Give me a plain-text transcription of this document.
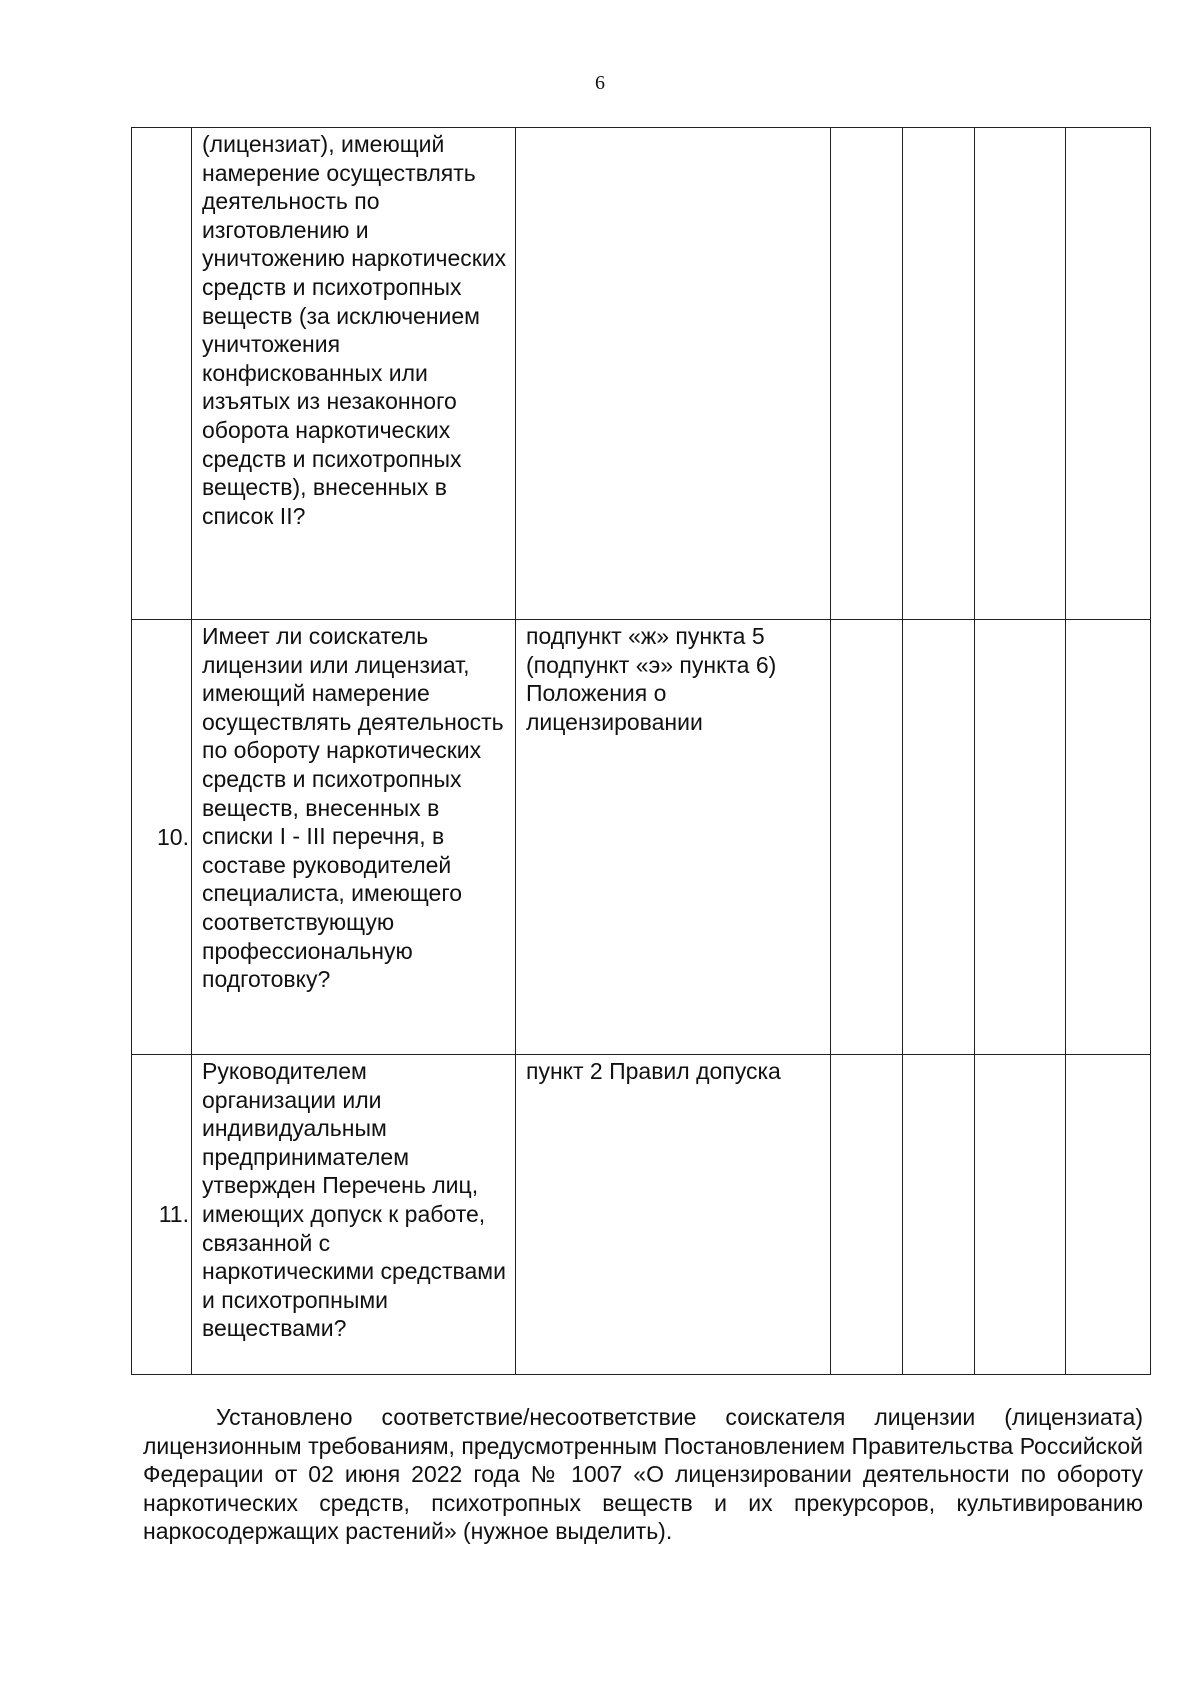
6
	(лицензиат), имеющий намерение осуществлять деятельность по изготовлению и уничтожению наркотических средств и психотропных веществ (за исключением уничтожения конфискованных или изъятых из незаконного оборота наркотических средств и психотропных веществ), внесенных в список II?					
10.	Имеет ли соискатель лицензии или лицензиат, имеющий намерение осуществлять деятельность по обороту наркотических средств и психотропных веществ, внесенных в списки I - III перечня, в составе руководителей специалиста, имеющего соответствующую профессиональную подготовку?	подпункт «ж» пункта 5 (подпункт «э» пункта 6) Положения о лицензировании				
11.	Руководителем организации или индивидуальным предпринимателем утвержден Перечень лиц, имеющих допуск к работе, связанной с наркотическими средствами и психотропными веществами?	пункт 2 Правил допуска				

Установлено соответствие/несоответствие соискателя лицензии (лицензиата) лицензионным требованиям, предусмотренным Постановлением Правительства Российской Федерации от 02 июня 2022 года № 1007 «О лицензировании деятельности по обороту наркотических средств, психотропных веществ и их прекурсоров, культивированию наркосодержащих растений» (нужное выделить).
